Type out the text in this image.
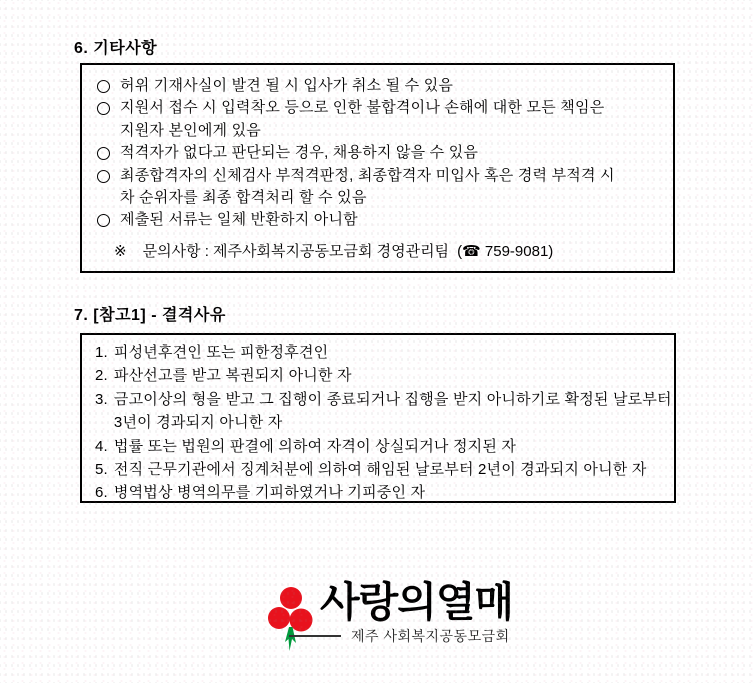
6. 기타사항
허위 기재사실이 발견 될 시 입사가 취소 될 수 있음
지원서 접수 시 입력착오 등으로 인한 불합격이나 손해에 대한 모든 책임은
지원자 본인에게 있음
적격자가 없다고 판단되는 경우, 채용하지 않을 수 있음
최종합격자의 신체검사 부적격판정, 최종합격자 미입사 혹은 경력 부적격 시
차 순위자를 최종 합격처리 할 수 있음
제출된 서류는 일체 반환하지 아니함
※ 문의사항 : 제주사회복지공동모금회 경영관리팀 (☎ 759-9081)
7. [참고1] - 결격사유
1. 피성년후견인 또는 피한정후견인
2. 파산선고를 받고 복권되지 아니한 자
3. 금고이상의 형을 받고 그 집행이 종료되거나 집행을 받지 아니하기로 확정된 날로부터
3년이 경과되지 아니한 자
4. 법률 또는 법원의 판결에 의하여 자격이 상실되거나 정지된 자
5. 전직 근무기관에서 징계처분에 의하여 해임된 날로부터 2년이 경과되지 아니한 자
6. 병역법상 병역의무를 기피하였거나 기피중인 자
사랑의열매
제주 사회복지공동모금회
